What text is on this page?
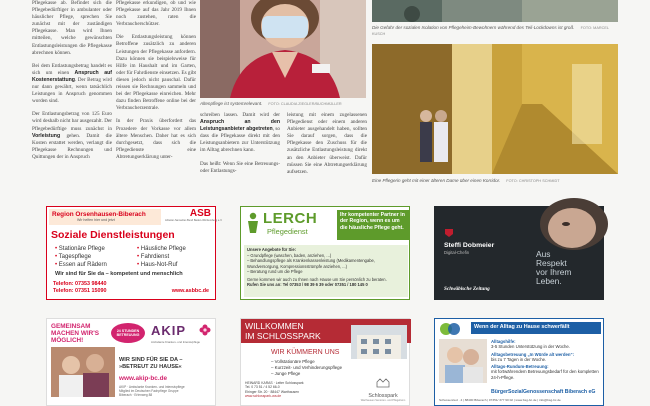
Pflegekasse ab. Befindet sich die Pflegebedürftiger in ambulanter oder häuslicher Pflege, sprechen Sie zunächst mit der zuständigen Pflegekasse. Man wird Ihnen mitteilen, welche gewünschten Entlastungsleistungen die Pflegekasse abrechnen können.

Bei dem Entlastungsbetrag handelt es sich um einen Anspruch auf Kostenerstattung. Der Betrag wird nur dann gewährt, wenn tatsächlich Leistungen in Anspruch genommen worden sind.

Der Entlastungsbetrag von 125 Euro wird deshalb nicht bar ausgezahlt. Der Pflegebedürftige muss zunächst in Vorleistung gehen. Damit die Kosten erstattet werden, verlangt die Pflegekasse Rechnungen und Quittungen der in Anspruch

Pflegekasse erkundigen, ob und wie Pflegekasse auf das Jahr 2019 Ihnen noch zustehen, raten die Verbraucherschützer.

Die Entlastungsleistung können Betroffene zusätzlich zu anderen Leistungen der Pflegekasse anfordern. Dazu können sie beispielsweise für Hilfe im Haushalt und im Garten, oder für Fahrdienste einsetzen. Es gibt diesen jedoch nicht pauschal. Dafür reissen sie Rechnungen sammeln und bei der Pflegekasse einreichen. Mehr dazu finden Betroffene online bei der Verbraucherzentrale.

In der Praxis überfordert das Prozedere der Vorkasse vor allem ältere Menschen. Daher hat es sich durchgesetzt, dass sich die Pflegedienste eine Abtretungserklärung unter-

Altenpflege ist systemrelevant. FOTO: CLAUDIA ZIEGLER/BUCHMÜLLER

schreiben lassen. Damit wird der Anspruch an den Leistungsanbieter abgetreten, so dass die Pflegekasse direkt mit den Leistungsanbietern zur Unterstützung im Alltag abrechnen kann.

Das heißt: Wenn Sie eine Betreuungs- oder Entlastungs-

leistung mit einem zugelassenen Pflegedienst oder einem anderen Anbieter ausgehandelt haben, sollten Sie darauf sorgen, dass die Pflegekasse den Zuschuss für die zusätzliche Entlastungsleistung direkt an den Anbieter überweist. Dafür müssen Sie eine Abtretungserklärung aufsetzen.

Die Gefahr der sozialen Isolation von Pflegeheim-Bewohnern während des Teil-Lockdowns ist groß. FOTO: MARCEL KUSCH
Eine Pflegerin geht mit einer älteren Dame über einen Korridor. FOTO: CHRISTOPH SCHMIDT
Region Orsenhausen-Biberach
Wir helfen hier und jetzt
ASB
Arbeiter-Samariter-Bund Baden-Württemberg e.V.
Soziale Dienstleistungen
• Stationäre Pflege
• Tagespflege
• Essen auf Rädern
• Häusliche Pflege
• Fahrdienst
• Haus-Not-Ruf
Wir sind für Sie da – kompetent und menschlich
Telefon: 07353 98440
Telefon: 07351 15090	www.asbbc.de
LERCH
Pflegedienst
Ihr kompetenter Partner in der Region, wenn es um die häusliche Pflege geht.
Unsere Angebote für Sie:
– Grundpflege (waschen, baden, anziehen, ...)
– Behandlungspflege als Krankenkassenleistung (Medikamentengabe, Wundversorgung, Kompressionsstrümpfe anziehen, ...)
– Beratung rund um die Pflege
Gerne kommen wir auch zu Ihnen nach Hause um Sie persönlich zu beraten.
Rufen Sie uns an: Tel 07353 / 98 39 6 39 oder 07351 / 180 145 0
Steffi Dobmeier
Digital-Chefin	Aus
Respekt
vor Ihrem
Leben.
Schwäbische Zeitung
GEMEINSAM
MACHEN WIR'S
MÖGLICH!
24 STUNDEN
BETREUUNG AKIP
Ambulante Kranken- und Intensivpflege
WIR SIND FÜR SIE DA –
»BETREUT ZU HAUSE«
www.akip-bc.de
AKIP · Ambulante Kranken- und Intensivpflege
Mitglied im Deutschen Fachpflege Gruppe
Biberach · Erlenweg 88
WILLKOMMEN
IM SCHLOSSPARK
WIR KÜMMERN UNS
– Vollstationäre Pflege
– Kurzzeit- und Verhinderungspflege
– Junge Pflege
HEINARD KARAS · Leiter Schlosspark
Tel. 0 73 51 / 4 52 66-0
Ehinger Str. 20 · 88447 Warthausen
www.schlosspark-wa.de	Schlosspark
Warthausen Senioren- und Pflegeheim
Wenn der Alltag zu Hause schwerfällt
Alltagshilfe:
3-5 Stunden Unterstützung in der Woche.
Alltagsbetreuung „In Würde alt werden“:
bis zu 7 Tagen in der Woche.
Alltags-Rundum-Betreuung:
mit fortwährendem Betreuungsbedarf für den kompletten 24-h-Pflege.
BürgerSozialGenossenschaft Biberach eG
Schussenried · 4 | 88400 Biberach | 07351/ 377 90 02 | www.bsg-bc.de | info@bsg-bc.de
